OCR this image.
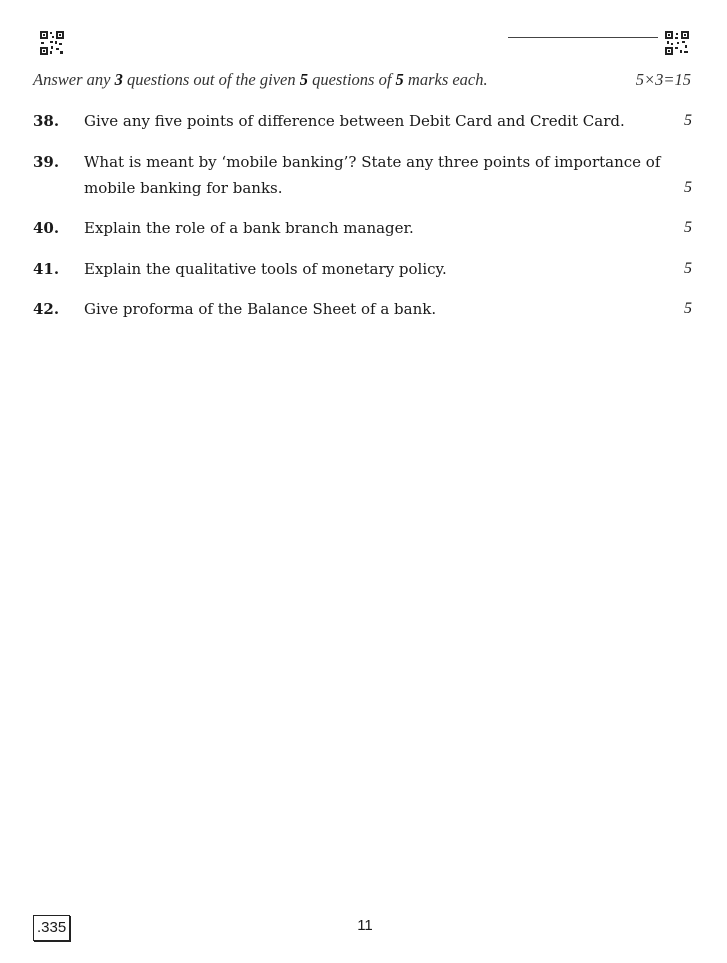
Answer any 3 questions out of the given 5 questions of 5 marks each.	5×3=15
38. Give any five points of difference between Debit Card and Credit Card.	5
39. What is meant by ‘mobile banking’? State any three points of importance of mobile banking for banks.	5
40. Explain the role of a bank branch manager.	5
41. Explain the qualitative tools of monetary policy.	5
42. Give proforma of the Balance Sheet of a bank.	5
.335	11
